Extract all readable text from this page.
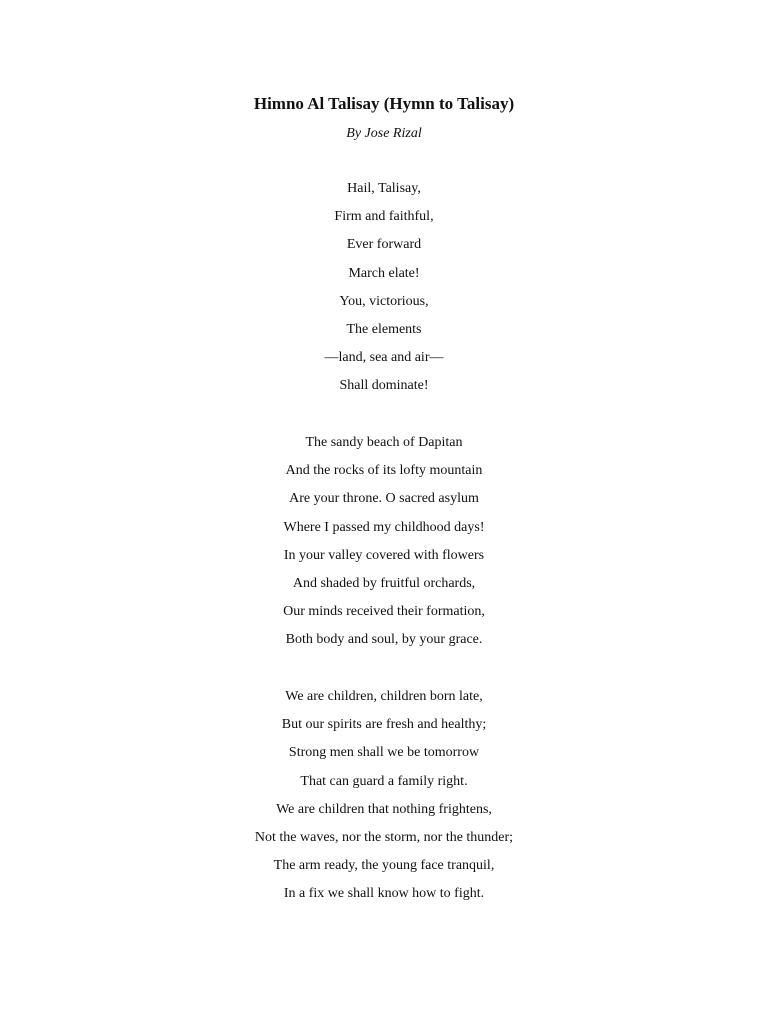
Himno Al Talisay (Hymn to Talisay)
By Jose Rizal
Hail, Talisay,
Firm and faithful,
Ever forward
March elate!
You, victorious,
The elements
—land, sea and air—
Shall dominate!
The sandy beach of Dapitan
And the rocks of its lofty mountain
Are your throne. O sacred asylum
Where I passed my childhood days!
In your valley covered with flowers
And shaded by fruitful orchards,
Our minds received their formation,
Both body and soul, by your grace.
We are children, children born late,
But our spirits are fresh and healthy;
Strong men shall we be tomorrow
That can guard a family right.
We are children that nothing frightens,
Not the waves, nor the storm, nor the thunder;
The arm ready, the young face tranquil,
In a fix we shall know how to fight.
